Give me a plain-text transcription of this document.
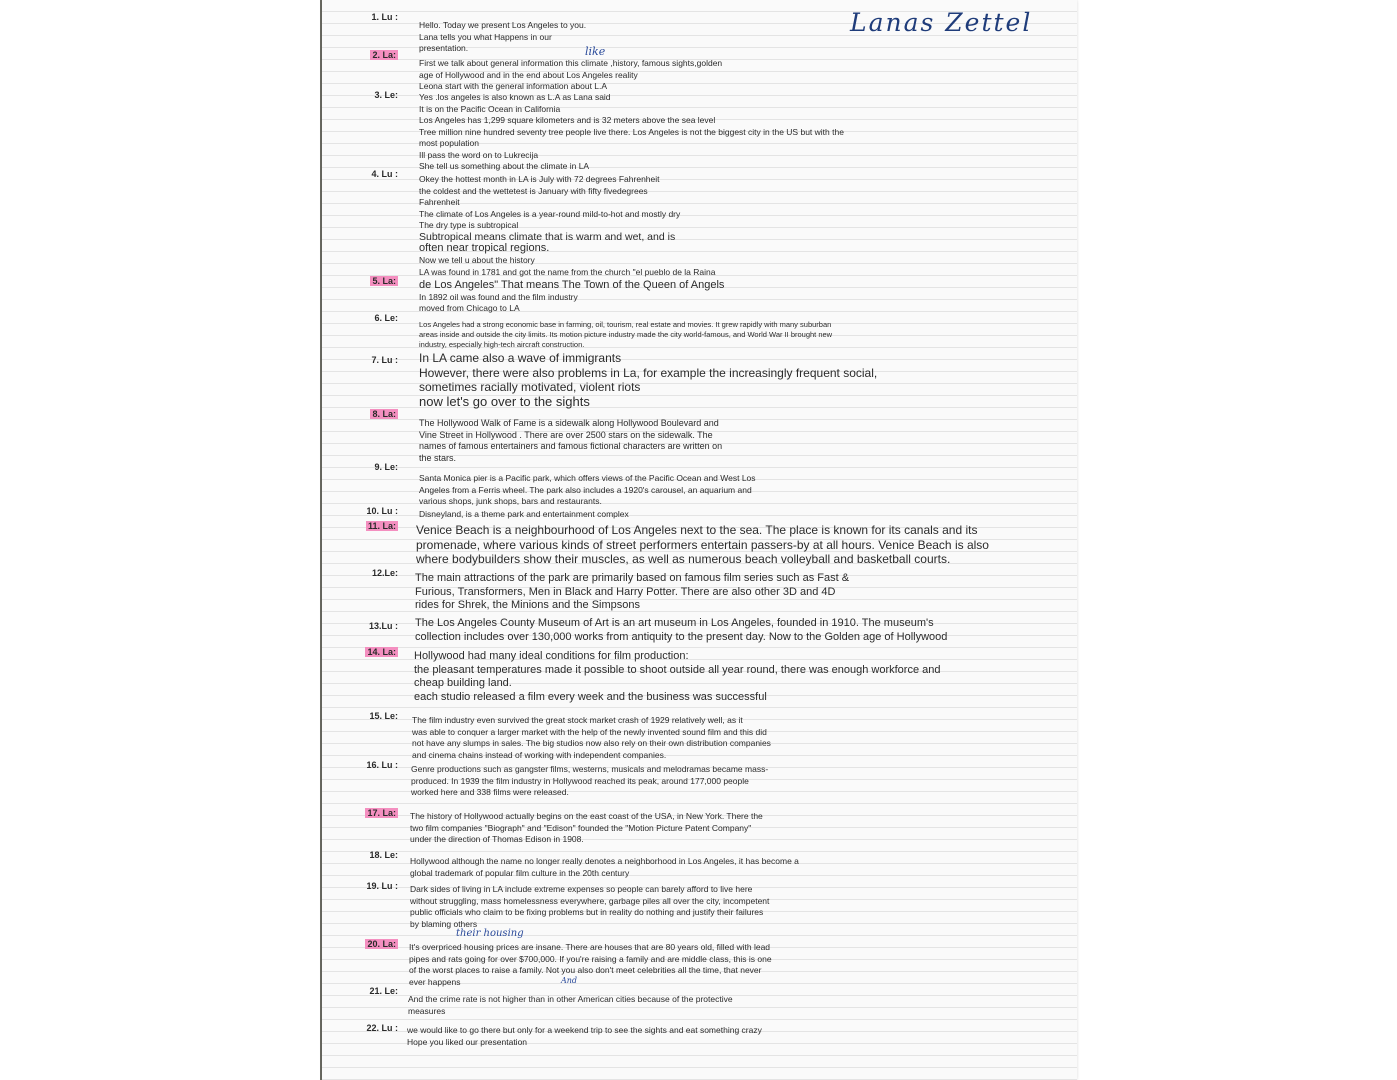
Lanas Zettel
1. Lu :
2. La:
3. Le:
4. Lu :
5. La:
6. Le:
7. Lu :
8. La:
9. Le:
10. Lu :
11. La:
12.Le:
13.Lu :
14. La:
15. Le:
16. Lu :
17. La:
18. Le:
19. Lu :
20. La:
21. Le:
22. Lu :
like
their housing
And

Hello. Today we present Los Angeles to you.

Lana tells you what Happens in our

presentation.

First we talk about general information this climate ,history, famous sights,golden

age of Hollywood and in the end about Los Angeles reality

Leona start with the general information about L.A

Yes .los angeles is also known as L.A as Lana said

It is on the Pacific Ocean in California

Los Angeles has 1,299 square kilometers and is 32 meters above the sea level

Tree million nine hundred seventy tree people live there. Los Angeles is not the biggest city in the US but with the

most population

Ill pass the word on to Lukrecija

She tell us something about the climate in LA

Okey the hottest month in LA is July with 72 degrees Fahrenheit

the coldest and the wettetest is January with fifty fivedegrees

Fahrenheit

The climate of Los Angeles is a year-round mild-to-hot and mostly dry

The dry type is subtropical

Subtropical means climate that is warm and wet, and is

often near tropical regions.

Now we tell u about the history

LA was found in 1781 and got the name from the church "el pueblo de la Raina

de Los Angeles" That means The Town of the Queen of Angels

In 1892 oil was found and the film industry

moved from Chicago to LA

Los Angeles had a strong economic base in farming, oil, tourism, real estate and movies. It grew rapidly with many suburban

areas inside and outside the city limits. Its motion picture industry made the city world-famous, and World War II brought new

industry, especially high-tech aircraft construction.

In LA came also a wave of immigrants

However, there were also problems in La, for example the increasingly frequent social,

sometimes racially motivated, violent riots

now let's go over to the sights

The Hollywood Walk of Fame is a sidewalk along Hollywood Boulevard and

Vine Street in Hollywood . There are over 2500 stars on the sidewalk. The

names of famous entertainers and famous fictional characters are written on

the stars.

Santa Monica pier is a Pacific park, which offers views of the Pacific Ocean and West Los

Angeles from a Ferris wheel. The park also includes a 1920's carousel, an aquarium and

various shops, junk shops, bars and restaurants.

Disneyland, is a theme park and entertainment complex

Venice Beach is a neighbourhood of Los Angeles next to the sea. The place is known for its canals and its

promenade, where various kinds of street performers entertain passers-by at all hours. Venice Beach is also

where bodybuilders show their muscles, as well as numerous beach volleyball and basketball courts.

The main attractions of the park are primarily based on famous film series such as Fast &

Furious, Transformers, Men in Black and Harry Potter. There are also other 3D and 4D

rides for Shrek, the Minions and the Simpsons

The Los Angeles County Museum of Art is an art museum in Los Angeles, founded in 1910. The museum's

collection includes over 130,000 works from antiquity to the present day. Now to the Golden age of Hollywood

Hollywood had many ideal conditions for film production:

the pleasant temperatures made it possible to shoot outside all year round, there was enough workforce and

cheap building land.

each studio released a film every week and the business was successful

The film industry even survived the great stock market crash of 1929 relatively well, as it

was able to conquer a larger market with the help of the newly invented sound film and this did

not have any slumps in sales. The big studios now also rely on their own distribution companies

and cinema chains instead of working with independent companies.

Genre productions such as gangster films, westerns, musicals and melodramas became mass-

produced. In 1939 the film industry in Hollywood reached its peak, around 177,000 people

worked here and 338 films were released.

The history of Hollywood actually begins on the east coast of the USA, in New York. There the

two film companies "Biograph" and "Edison" founded the "Motion Picture Patent Company"

under the direction of Thomas Edison in 1908.

Hollywood although the name no longer really denotes a neighborhood in Los Angeles, it has become a

global trademark of popular film culture in the 20th century

Dark sides of living in LA include extreme expenses so people can barely afford to live here

without struggling, mass homelessness everywhere, garbage piles all over the city, incompetent

public officials who claim to be fixing problems but in reality do nothing and justify their failures

by blaming others

It's overpriced housing prices are insane. There are houses that are 80 years old, filled with lead

pipes and rats going for over $700,000. If you're raising a family and are middle class, this is one

of the worst places to raise a family. Not you also don't meet celebrities all the time, that never

ever happens

And the crime rate is not higher than in other American cities because of the protective

measures

we would like to go there but only for a weekend trip to see the sights and eat something crazy

Hope you liked our presentation
